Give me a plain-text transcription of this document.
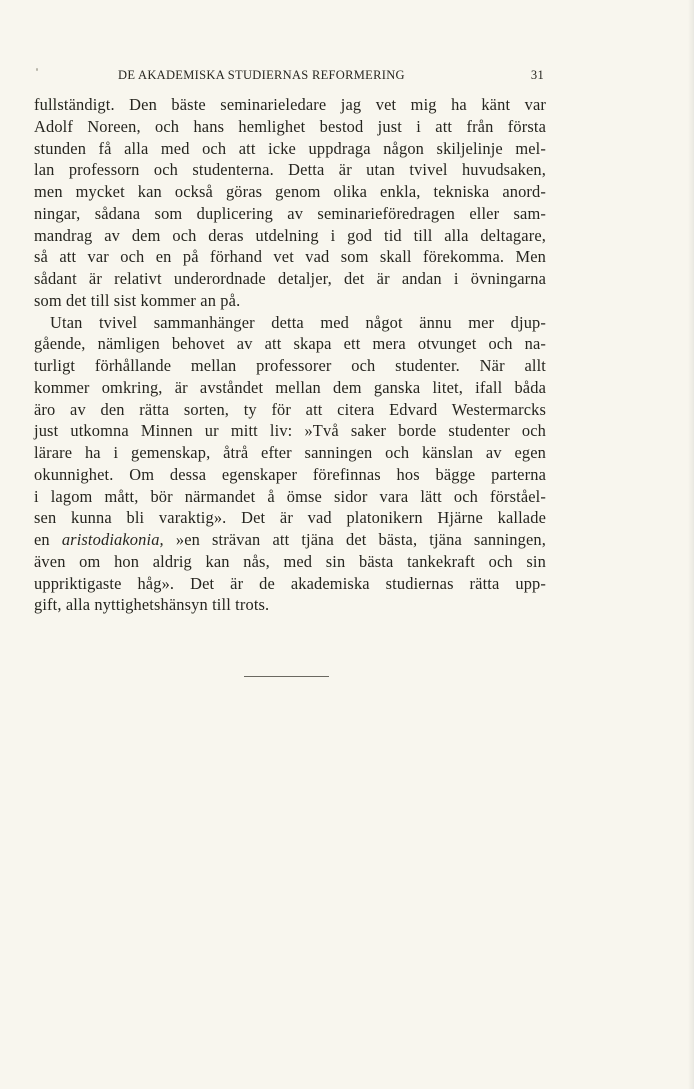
DE AKADEMISKA STUDIERNAS REFORMERING	31
fullständigt. Den bäste seminarieledare jag vet mig ha känt var
Adolf Noreen, och hans hemlighet bestod just i att från första
stunden få alla med och att icke uppdraga någon skiljelinje mel-
lan professorn och studenterna. Detta är utan tvivel huvudsaken,
men mycket kan också göras genom olika enkla, tekniska anord-
ningar, sådana som duplicering av seminarieföredragen eller sam-
mandrag av dem och deras utdelning i god tid till alla deltagare,
så att var och en på förhand vet vad som skall förekomma. Men
sådant är relativt underordnade detaljer, det är andan i övningarna
som det till sist kommer an på.
Utan tvivel sammanhänger detta med något ännu mer djup-
gående, nämligen behovet av att skapa ett mera otvunget och na-
turligt förhållande mellan professorer och studenter. När allt
kommer omkring, är avståndet mellan dem ganska litet, ifall båda
äro av den rätta sorten, ty för att citera Edvard Westermarcks
just utkomna Minnen ur mitt liv: »Två saker borde studenter och
lärare ha i gemenskap, åtrå efter sanningen och känslan av egen
okunnighet. Om dessa egenskaper förefinnas hos bägge parterna
i lagom mått, bör närmandet å ömse sidor vara lätt och förståel-
sen kunna bli varaktig». Det är vad platonikern Hjärne kallade
en aristodiakonia, »en strävan att tjäna det bästa, tjäna sanningen,
även om hon aldrig kan nås, med sin bästa tankekraft och sin
uppriktigaste håg». Det är de akademiska studiernas rätta upp-
gift, alla nyttighetshänsyn till trots.
